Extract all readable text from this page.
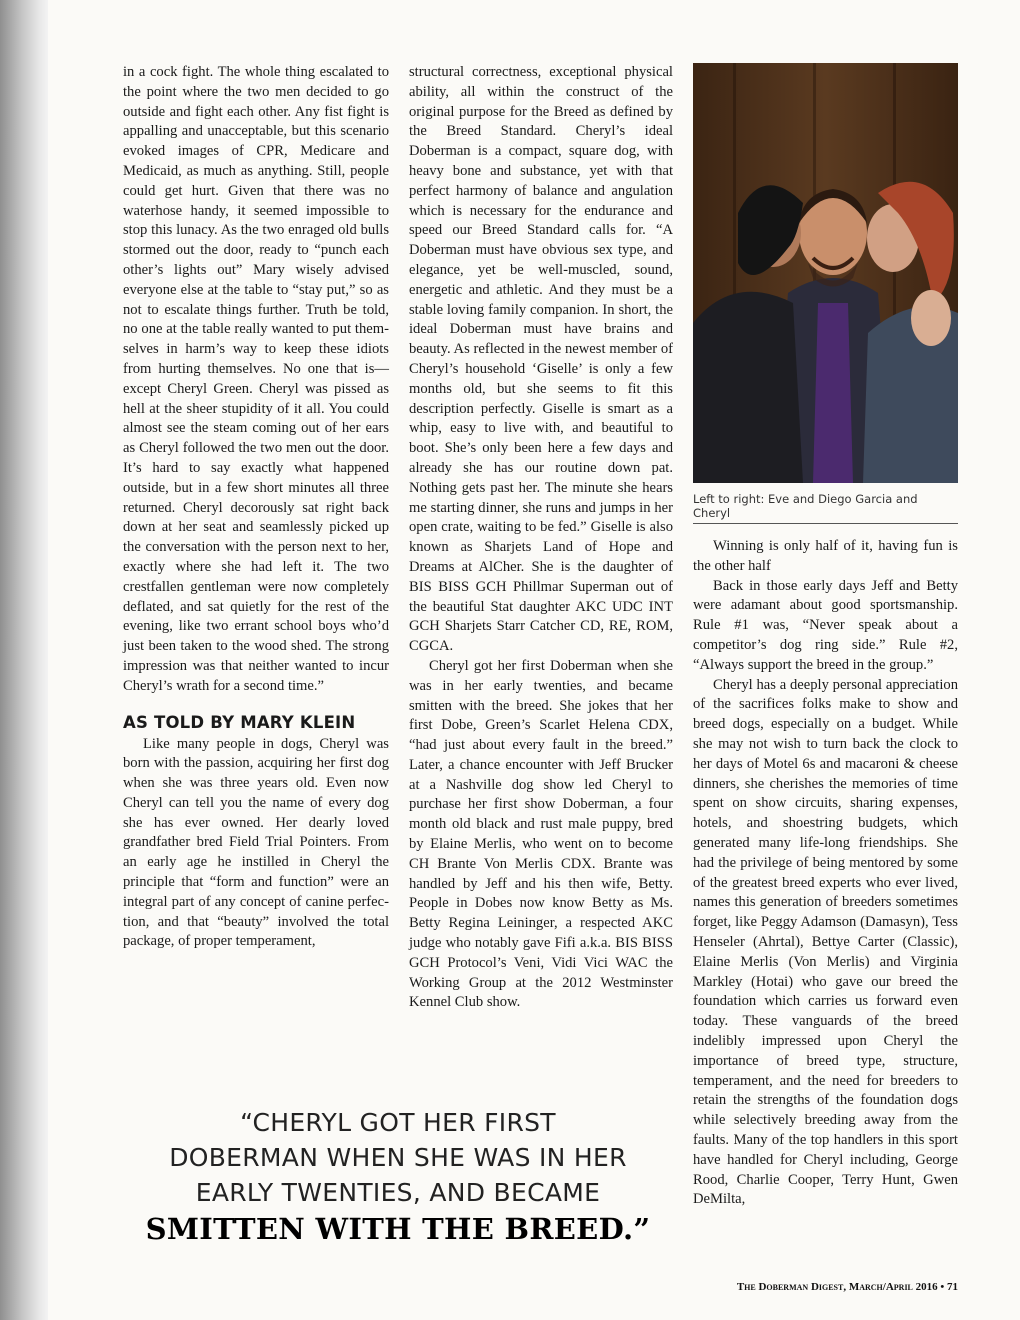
in a cock fight. The whole thing escalated to the point where the two men decided to go outside and fight each other. Any fist fight is appalling and unacceptable, but this scenario evoked images of CPR, Medicare and Medicaid, as much as anything. Still, people could get hurt. Given that there was no waterhose handy, it seemed impossible to stop this lunacy. As the two enraged old bulls stormed out the door, ready to “punch each other’s lights out” Mary wisely advised everyone else at the table to “stay put,” so as not to escalate things further. Truth be told, no one at the table really wanted to put themselves in harm’s way to keep these idiots from hurting themselves. No one that is—except Cheryl Green. Cheryl was pissed as hell at the sheer stupidity of it all. You could almost see the steam coming out of her ears as Cheryl followed the two men out the door. It’s hard to say exactly what happened outside, but in a few short minutes all three returned. Cheryl decorously sat right back down at her seat and seamlessly picked up the conversation with the person next to her, exactly where she had left it. The two crestfallen gentleman were now completely deflated, and sat quietly for the rest of the evening, like two errant school boys who’d just been taken to the wood shed. The strong impression was that neither wanted to incur Cheryl’s wrath for a second time.”

AS TOLD BY MARY KLEIN

Like many people in dogs, Cheryl was born with the passion, acquiring her first dog when she was three years old. Even now Cheryl can tell you the name of every dog she has ever owned. Her dearly loved grandfather bred Field Trial Pointers. From an early age he instilled in Cheryl the principle that “form and function” were an integral part of any concept of canine perfection, and that “beauty” involved the total package, of proper temperament,

structural correctness, exceptional physical ability, all within the construct of the original purpose for the Breed as defined by the Breed Standard. Cheryl’s ideal Doberman is a compact, square dog, with heavy bone and substance, yet with that perfect harmony of balance and angulation which is necessary for the endurance and speed our Breed Standard calls for. “A Doberman must have obvious sex type, and elegance, yet be well-muscled, sound, energetic and athletic. And they must be a stable loving family companion. In short, the ideal Doberman must have brains and beauty. As reflected in the newest member of Cheryl’s household ‘Giselle’ is only a few months old, but she seems to fit this description perfectly. Giselle is smart as a whip, easy to live with, and beautiful to boot. She’s only been here a few days and already she has our routine down pat. Nothing gets past her. The minute she hears me starting dinner, she runs and jumps in her open crate, waiting to be fed.” Giselle is also known as Sharjets Land of Hope and Dreams at AlCher. She is the daughter of BIS BISS GCH Phillmar Superman out of the beautiful Stat daughter AKC UDC INT GCH Sharjets Starr Catcher CD, RE, ROM, CGCA.

Cheryl got her first Doberman when she was in her early twenties, and became smitten with the breed. She jokes that her first Dobe, Green’s Scarlet Helena CDX, “had just about every fault in the breed.” Later, a chance encounter with Jeff Brucker at a Nashville dog show led Cheryl to purchase her first show Doberman, a four month old black and rust male puppy, bred by Elaine Merlis, who went on to become CH Brante Von Merlis CDX. Brante was handled by Jeff and his then wife, Betty. People in Dobes now know Betty as Ms. Betty Regina Leininger, a respected AKC judge who notably gave Fifi a.k.a. BIS BISS GCH Protocol’s Veni, Vidi Vici WAC the Working Group at the 2012 Westminster Kennel Club show.

Left to right: Eve and Diego Garcia and Cheryl

Winning is only half of it, having fun is the other half

Back in those early days Jeff and Betty were adamant about good sportsmanship. Rule #1 was, “Never speak about a competitor’s dog ring side.” Rule #2, “Always support the breed in the group.”

Cheryl has a deeply personal appreciation of the sacrifices folks make to show and breed dogs, especially on a budget. While she may not wish to turn back the clock to her days of Motel 6s and macaroni & cheese dinners, she cherishes the memories of time spent on show circuits, sharing expenses, hotels, and shoestring budgets, which generated many life-long friendships. She had the privilege of being mentored by some of the greatest breed experts who ever lived, names this generation of breeders sometimes forget, like Peggy Adamson (Damasyn), Tess Henseler (Ahrtal), Bettye Carter (Classic), Elaine Merlis (Von Merlis) and Virginia Markley (Hotai) who gave our breed the foundation which carries us forward even today. These vanguards of the breed indelibly impressed upon Cheryl the importance of breed type, structure, temperament, and the need for breeders to retain the strengths of the foundation dogs while selectively breeding away from the faults. Many of the top handlers in this sport have handled for Cheryl including, George Rood, Charlie Cooper, Terry Hunt, Gwen DeMilta,

“CHERYL GOT HER FIRST
DOBERMAN WHEN SHE WAS IN HER
EARLY TWENTIES, AND BECAME
SMITTEN WITH THE BREED.”
The Doberman Digest, March/April 2016 • 71
